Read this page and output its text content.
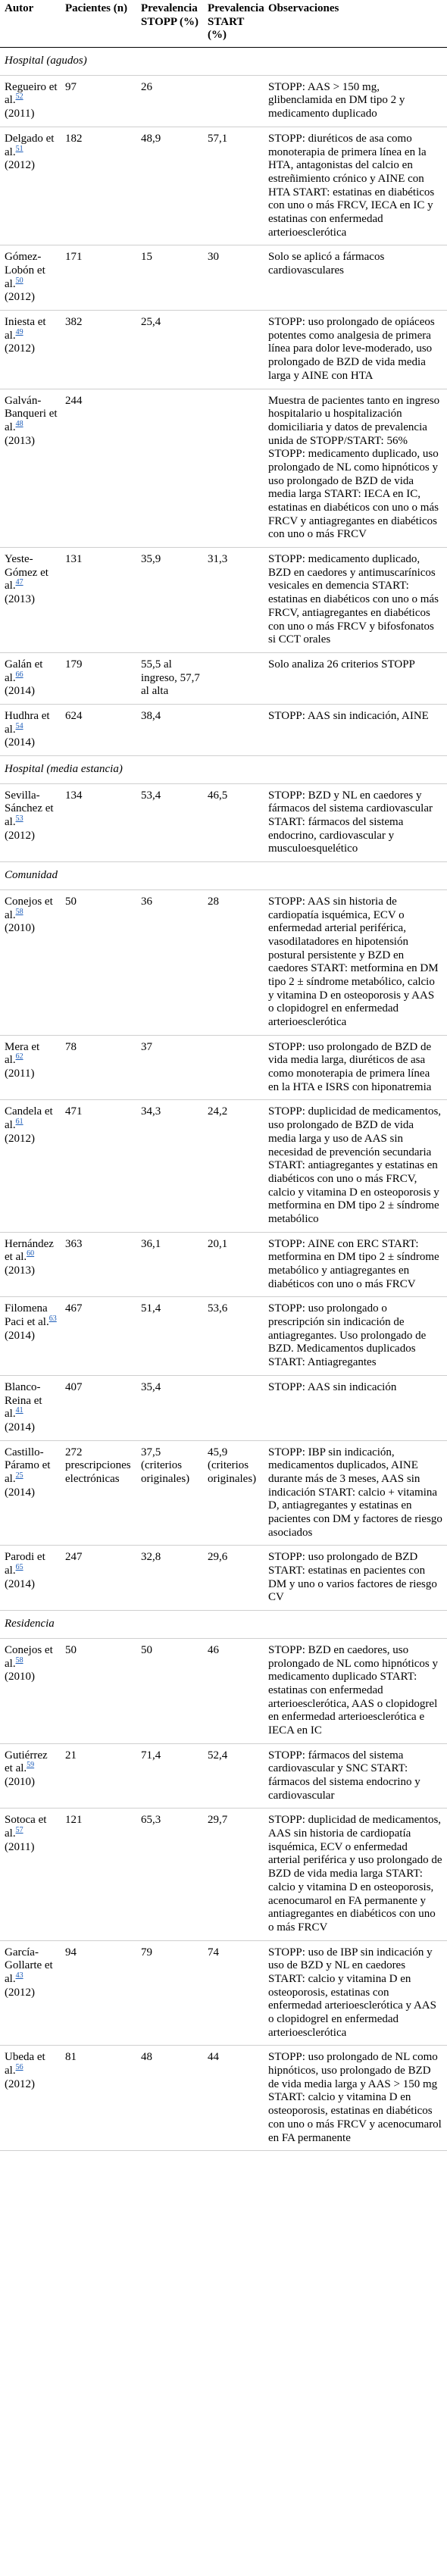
Autor	Pacientes (n)	Prevalencia STOPP (%)	Prevalencia START (%)	Observaciones
Hospital (agudos)				
Regueiro et al.$^{52}$
(2011)	97	26		STOPP: AAS > 150 mg, glibenclamida en DM tipo 2 y medicamento duplicado
Delgado et al.$^{51}$
(2012)	182	48,9	57,1	STOPP: diuréticos de asa como monoterapia de primera línea en la HTA, antagonistas del calcio en estreñimiento crónico y AINE con HTA START: estatinas en diabéticos con uno o más FRCV, IECA en IC y estatinas con enfermedad arterioesclerótica
Gómez-Lobón et al.$^{50}$
(2012)	171	15	30	Solo se aplicó a fármacos cardiovasculares
Iniesta et al.$^{49}$
(2012)	382	25,4		STOPP: uso prolongado de opiáceos potentes como analgesia de primera línea para dolor leve-moderado, uso prolongado de BZD de vida media larga y AINE con HTA
Galván-Banqueri et al.$^{48}$
(2013)	244			Muestra de pacientes tanto en ingreso hospitalario u hospitalización domiciliaria y datos de prevalencia unida de STOPP/START: 56% STOPP: medicamento duplicado, uso prolongado de NL como hipnóticos y uso prolongado de BZD de vida media larga START: IECA en IC, estatinas en diabéticos con uno o más FRCV y antiagregantes en diabéticos con uno o más FRCV
Yeste-Gómez et al.$^{47}$
(2013)	131	35,9	31,3	STOPP: medicamento duplicado, BZD en caedores y antimuscarínicos vesicales en demencia START: estatinas en diabéticos con uno o más FRCV, antiagregantes en diabéticos con uno o más FRCV y bifosfonatos si CCT orales
Galán et al.$^{66}$
(2014)	179	55,5 al ingreso, 57,7 al alta		Solo analiza 26 criterios STOPP
Hudhra et al.$^{54}$
(2014)	624	38,4		STOPP: AAS sin indicación, AINE
Hospital (media estancia)				
Sevilla-Sánchez et al.$^{53}$
(2012)	134	53,4	46,5	STOPP: BZD y NL en caedores y fármacos del sistema cardiovascular START: fármacos del sistema endocrino, cardiovascular y musculoesquelético
Comunidad				
Conejos et al.$^{58}$
(2010)	50	36	28	STOPP: AAS sin historia de cardiopatía isquémica, ECV o enfermedad arterial periférica, vasodilatadores en hipotensión postural persistente y BZD en caedores START: metformina en DM tipo 2 ± síndrome metabólico, calcio y vitamina D en osteoporosis y AAS o clopidogrel en enfermedad arterioesclerótica
Mera et al.$^{62}$
(2011)	78	37		STOPP: uso prolongado de BZD de vida media larga, diuréticos de asa como monoterapia de primera línea en la HTA e ISRS con hiponatremia
Candela et al.$^{61}$
(2012)	471	34,3	24,2	STOPP: duplicidad de medicamentos, uso prolongado de BZD de vida media larga y uso de AAS sin necesidad de prevención secundaria START: antiagregantes y estatinas en diabéticos con uno o más FRCV, calcio y vitamina D en osteoporosis y metformina en DM tipo 2 ± síndrome metabólico
Hernández et al.$^{60}$
(2013)	363	36,1	20,1	STOPP: AINE con ERC START: metformina en DM tipo 2 ± síndrome metabólico y antiagregantes en diabéticos con uno o más FRCV
Filomena Paci et al.$^{63}$
(2014)	467	51,4	53,6	STOPP: uso prolongado o prescripción sin indicación de antiagregantes. Uso prolongado de BZD. Medicamentos duplicados START: Antiagregantes
Blanco-Reina et al.$^{41}$
(2014)	407	35,4		STOPP: AAS sin indicación
Castillo-Páramo et al.$^{25}$
(2014)	272 prescripciones electrónicas	37,5 (criterios originales)	45,9 (criterios originales)	STOPP: IBP sin indicación, medicamentos duplicados, AINE durante más de 3 meses, AAS sin indicación START: calcio + vitamina D, antiagregantes y estatinas en pacientes con DM y factores de riesgo asociados
Parodi et al.$^{65}$
(2014)	247	32,8	29,6	STOPP: uso prolongado de BZD START: estatinas en pacientes con DM y uno o varios factores de riesgo CV
Residencia				
Conejos et al.$^{58}$
(2010)	50	50	46	STOPP: BZD en caedores, uso prolongado de NL como hipnóticos y medicamento duplicado START: estatinas con enfermedad arterioesclerótica, AAS o clopidogrel en enfermedad arterioesclerótica e IECA en IC
Gutiérrez et al.$^{59}$
(2010)	21	71,4	52,4	STOPP: fármacos del sistema cardiovascular y SNC START: fármacos del sistema endocrino y cardiovascular
Sotoca et al.$^{57}$
(2011)	121	65,3	29,7	STOPP: duplicidad de medicamentos, AAS sin historia de cardiopatía isquémica, ECV o enfermedad arterial periférica y uso prolongado de BZD de vida media larga START: calcio y vitamina D en osteoporosis, acenocumarol en FA permanente y antiagregantes en diabéticos con uno o más FRCV
García-Gollarte et al.$^{43}$
(2012)	94	79	74	STOPP: uso de IBP sin indicación y uso de BZD y NL en caedores START: calcio y vitamina D en osteoporosis, estatinas con enfermedad arterioesclerótica y AAS o clopidogrel en enfermedad arterioesclerótica
Ubeda et al.$^{56}$
(2012)	81	48	44	STOPP: uso prolongado de NL como hipnóticos, uso prolongado de BZD de vida media larga y AAS > 150 mg START: calcio y vitamina D en osteoporosis, estatinas en diabéticos con uno o más FRCV y acenocumarol en FA permanente
